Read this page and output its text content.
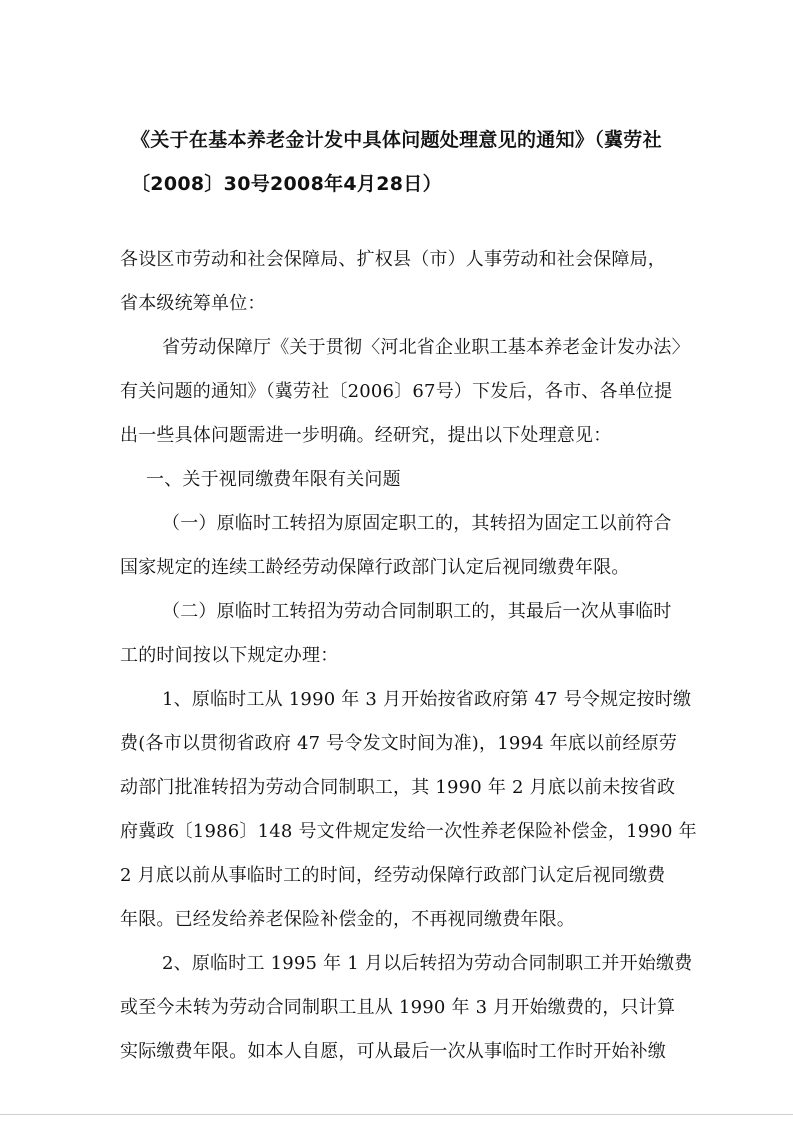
《关于在基本养老金计发中具体问题处理意见的通知》（冀劳社
〔2008〕30号2008年4月28日）
各设区市劳动和社会保障局、扩权县（市）人事劳动和社会保障局，
省本级统筹单位：
省劳动保障厅《关于贯彻〈河北省企业职工基本养老金计发办法〉
有关问题的通知》（冀劳社〔2006〕67号）下发后，各市、各单位提
出一些具体问题需进一步明确。经研究，提出以下处理意见：
一、关于视同缴费年限有关问题
（一）原临时工转招为原固定职工的，其转招为固定工以前符合
国家规定的连续工龄经劳动保障行政部门认定后视同缴费年限。
（二）原临时工转招为劳动合同制职工的，其最后一次从事临时
工的时间按以下规定办理：
1、原临时工从 1990 年 3 月开始按省政府第 47 号令规定按时缴
费(各市以贯彻省政府 47 号令发文时间为准)，1994 年底以前经原劳
动部门批准转招为劳动合同制职工，其 1990 年 2 月底以前未按省政
府冀政〔1986〕148 号文件规定发给一次性养老保险补偿金，1990 年
2 月底以前从事临时工的时间，经劳动保障行政部门认定后视同缴费
年限。已经发给养老保险补偿金的，不再视同缴费年限。
2、原临时工 1995 年 1 月以后转招为劳动合同制职工并开始缴费
或至今未转为劳动合同制职工且从 1990 年 3 月开始缴费的，只计算
实际缴费年限。如本人自愿，可从最后一次从事临时工作时开始补缴
